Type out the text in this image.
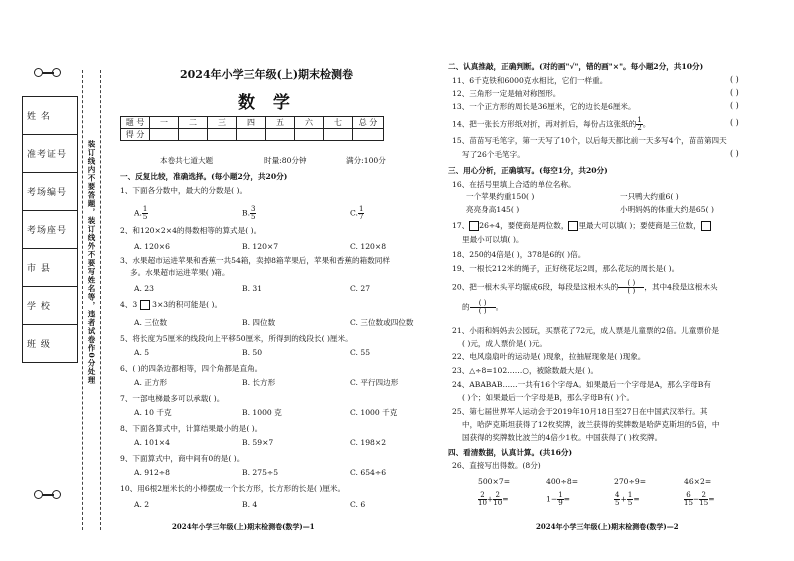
姓 名
准考证号
考场编号
考场座号
市 县
学 校
班 级	装订线内不要答题，装订线外不要写姓名等，违者试卷作0分处理
2024年小学三年级(上)期末检测卷
数 学
题 号	一	二	三	四	五	六	七	总 分
得 分								
本卷共七道大题	时量:80分钟	满分:100分
一、反复比较，准确选择。(每小题2分，共20分)
1、下面各分数中，最大的分数是( )。
A. $\frac{1}{5}$	B. $\frac{3}{5}$	C. $\frac{1}{7}$
2、和120×2×4的得数相等的算式是( )。
A. 120×6	B. 120×7	C. 120×8
3、水果超市运进苹果和香蕉一共54箱，卖掉8箱苹果后，苹果和香蕉的箱数同样
多。水果超市运进苹果( )箱。
A. 23	B. 31	C. 27
4、3 3×3的积可能是( )。
A. 三位数	B. 四位数	C. 三位数或四位数
5、将长度为5厘米的线段向上平移50厘米，所得到的线段长( )厘米。
A. 5	B. 50	C. 55
6、( )的四条边都相等，四个角都是直角。
A. 正方形	B. 长方形	C. 平行四边形
7、一部电梯最多可以承载( )。
A. 10 千克	B. 1000 克	C. 1000 千克
8、下面各算式中，计算结果最小的是( )。
A. 101×4	B. 59×7	C. 198×2
9、下面算式中，商中间有0的是( )。
A. 912÷8	B. 275÷5	C. 654÷6
10、用6根2厘米长的小棒摆成一个长方形，长方形的长是( )厘米。
A. 2	B. 4	C. 6
2024年小学三年级(上)期末检测卷(数学)—1
二、认真推敲，正确判断。(对的画"√"，错的画"×"。每小题2分，共10分)
11、6千克铁和6000克水相比，它们一样重。	( )
12、三角形一定是轴对称图形。	( )
13、一个正方形的周长是36厘米，它的边长是6厘米。	( )
14、把一张长方形纸对折，再对折后，每份占这张纸的 $\frac{1}{2}$ 。	( )
15、苗苗写毛笔字，第一天写了10个，以后每天都比前一天多写4个，苗苗第四天
写了26个毛笔字。	( )
三、用心分析，正确填写。(每空1分，共20分)
16、在括号里填上合适的单位名称。
一个苹果约重150( )	一只鸭大约重6( )
亮亮身高145( )	小明妈妈的体重大约是65( )
17、 26÷4，要使商是两位数， 里最大可以填( )；要使商是三位数，
里最小可以填( )。
18、250的4倍是( )，378是6的( )倍。
19、一根长212米的绳子，正好绕花坛2周，那么花坛的周长是( )。
20、把一根木头平均锯成6段，每段是这根木头的 $\frac{( )}{( )}$ ，其中4段是这根木头
的 $\frac{( )}{( )}$ 。
21、小雨和妈妈去公园玩，买票花了72元，成人票是儿童票的2倍。儿童票价是
( )元，成人票价是( )元。
22、电风扇扇叶的运动是( )现象，拉抽屉现象是( )现象。
23、△÷8=102……○，被除数最大是( )。
24、ABABAB……一共有16个字母A。如果最后一个字母是A，那么字母B有
( )个；如果最后一个字母是B，那么字母B有( )个。
25、第七届世界军人运动会于2019年10月18日至27日在中国武汉举行。其
中，哈萨克斯坦获得了12枚奖牌，波兰获得的奖牌数是哈萨克斯坦的5倍，中
国获得的奖牌数比波兰的4倍少1枚。中国获得了( )枚奖牌。
四、看清数据，认真计算。(共16分)
26、直接写出得数。(8分)
500×7=	400÷8=	270÷9=	46×2=
$\frac{2}{10} + \frac{2}{10}$ =	$1- \frac{1}{9}$ =	$\frac{4}{5} + \frac{1}{5}$ =	$\frac{6}{15} - \frac{2}{15}$ =
2024年小学三年级(上)期末检测卷(数学)—2
